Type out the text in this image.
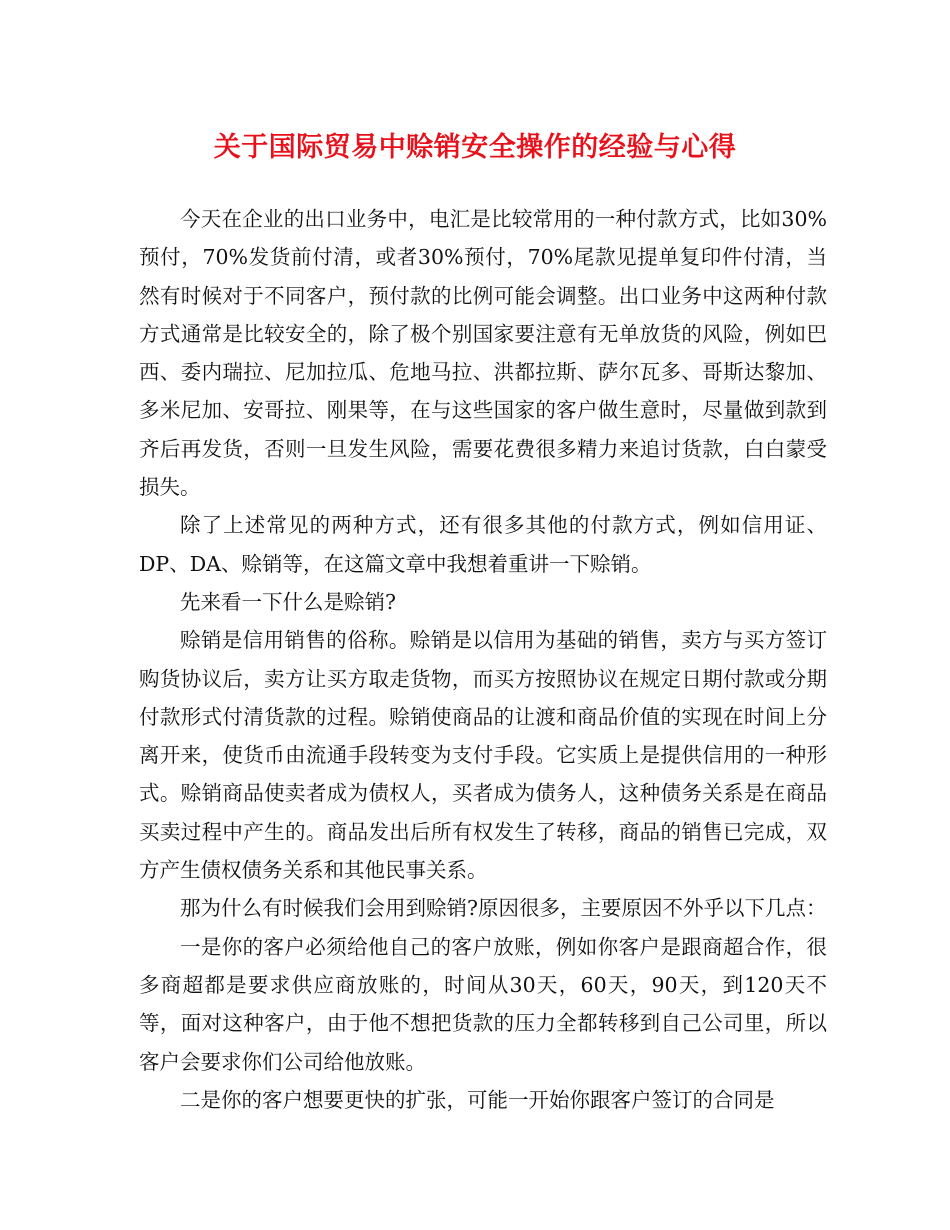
关于国际贸易中赊销安全操作的经验与心得

今天在企业的出口业务中，电汇是比较常用的一种付款方式，比如30%预付，70%发货前付清，或者30%预付，70%尾款见提单复印件付清，当然有时候对于不同客户，预付款的比例可能会调整。出口业务中这两种付款方式通常是比较安全的，除了极个别国家要注意有无单放货的风险，例如巴西、委内瑞拉、尼加拉瓜、危地马拉、洪都拉斯、萨尔瓦多、哥斯达黎加、多米尼加、安哥拉、刚果等，在与这些国家的客户做生意时，尽量做到款到齐后再发货，否则一旦发生风险，需要花费很多精力来追讨货款，白白蒙受损失。

除了上述常见的两种方式，还有很多其他的付款方式，例如信用证、DP、DA、赊销等，在这篇文章中我想着重讲一下赊销。

先来看一下什么是赊销?

赊销是信用销售的俗称。赊销是以信用为基础的销售，卖方与买方签订购货协议后，卖方让买方取走货物，而买方按照协议在规定日期付款或分期付款形式付清货款的过程。赊销使商品的让渡和商品价值的实现在时间上分离开来，使货币由流通手段转变为支付手段。它实质上是提供信用的一种形式。赊销商品使卖者成为债权人，买者成为债务人，这种债务关系是在商品买卖过程中产生的。商品发出后所有权发生了转移，商品的销售已完成，双方产生债权债务关系和其他民事关系。

那为什么有时候我们会用到赊销?原因很多，主要原因不外乎以下几点：

一是你的客户必须给他自己的客户放账，例如你客户是跟商超合作，很多商超都是要求供应商放账的，时间从30天，60天，90天，到120天不等，面对这种客户，由于他不想把货款的压力全都转移到自己公司里，所以客户会要求你们公司给他放账。

二是你的客户想要更快的扩张，可能一开始你跟客户签订的合同是
